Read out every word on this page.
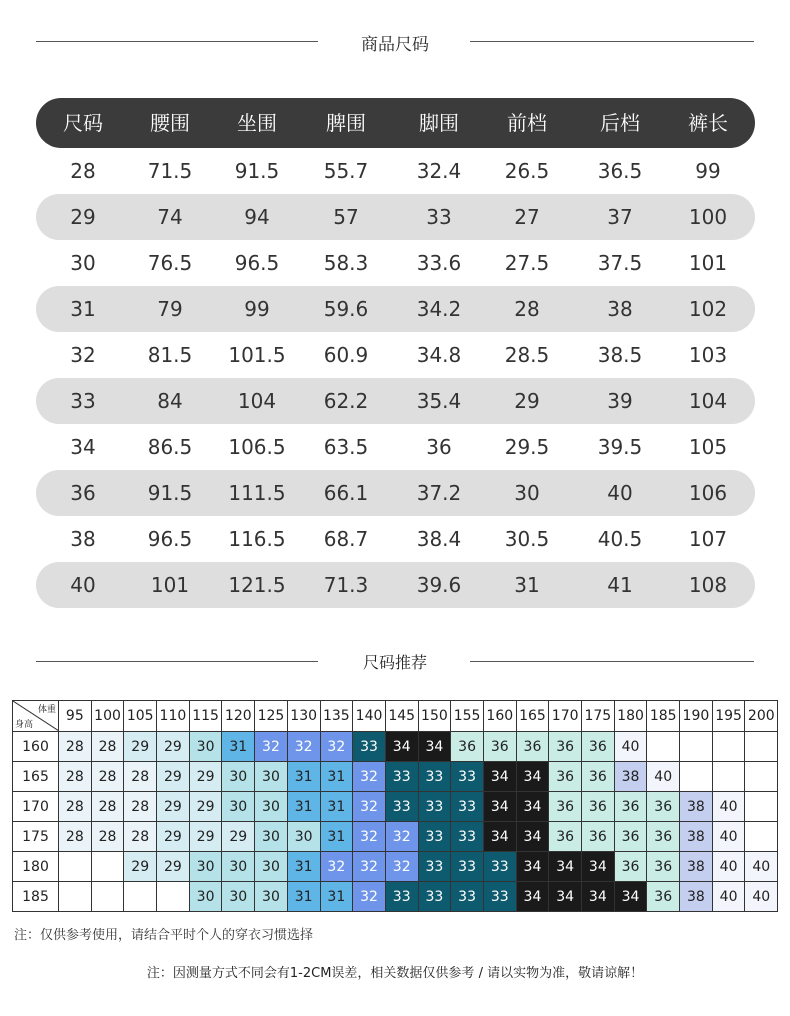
商品尺码
尺码	腰围	坐围	脾围	脚围	前档	后档	裤长
28	71.5	91.5	55.7	32.4	26.5	36.5	99
29	74	94	57	33	27	37	100
30	76.5	96.5	58.3	33.6	27.5	37.5	101
31	79	99	59.6	34.2	28	38	102
32	81.5	101.5	60.9	34.8	28.5	38.5	103
33	84	104	62.2	35.4	29	39	104
34	86.5	106.5	63.5	36	29.5	39.5	105
36	91.5	111.5	66.1	37.2	30	40	106
38	96.5	116.5	68.7	38.4	30.5	40.5	107
40	101	121.5	71.3	39.6	31	41	108
尺码推荐
体重
身高	95	100	105	110	115	120	125	130	135	140	145	150	155	160	165	170	175	180	185	190	195	200
160	28	28	29	29	30	31	32	32	32	33	34	34	36	36	36	36	36	40				
165	28	28	28	29	29	30	30	31	31	32	33	33	33	34	34	36	36	38	40			
170	28	28	28	29	29	30	30	31	31	32	33	33	33	34	34	36	36	36	36	38	40	
175	28	28	28	29	29	29	30	30	31	32	32	33	33	34	34	36	36	36	36	38	40	
180			29	29	30	30	30	31	32	32	32	33	33	33	34	34	34	36	36	38	40	40
185					30	30	30	31	31	32	33	33	33	33	34	34	34	34	36	38	40	40
注：仅供参考使用，请结合平时个人的穿衣习惯选择
注：因测量方式不同会有1-2CM误差，相关数据仅供参考 / 请以实物为准，敬请谅解！
